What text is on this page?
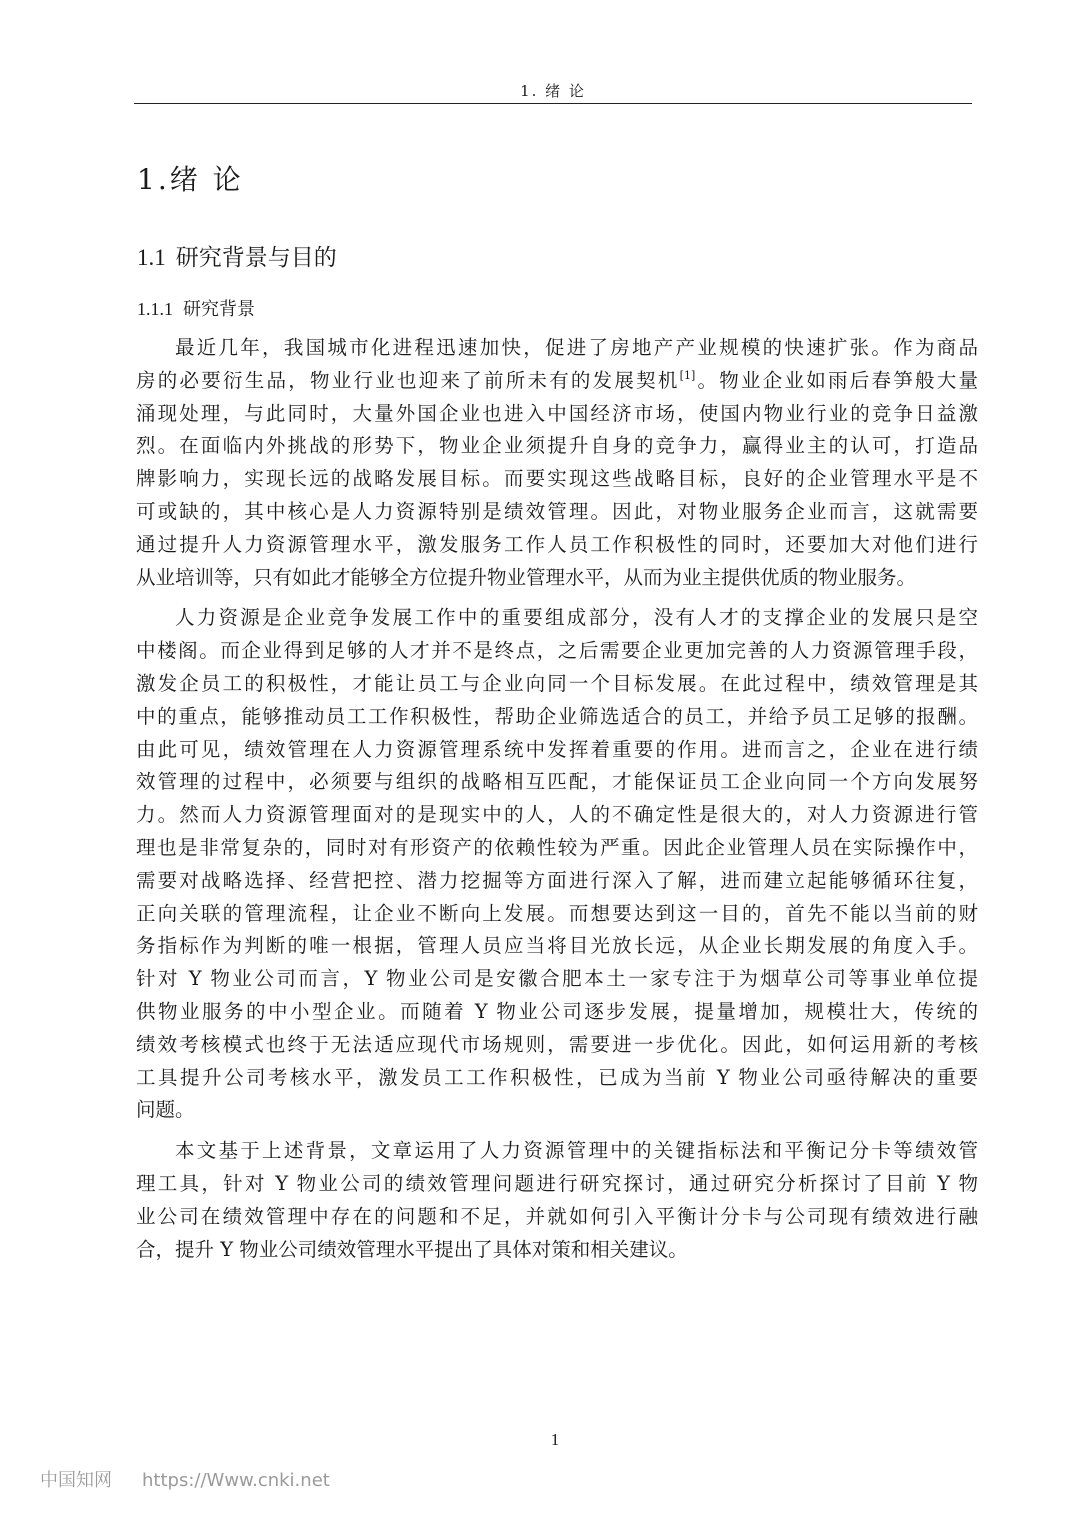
1. 绪 论
1.绪 论
1.1 研究背景与目的
1.1.1 研究背景

最近几年，我国城市化进程迅速加快，促进了房地产产业规模的快速扩张。作为商品
房的必要衍生品，物业行业也迎来了前所未有的发展契机[1]。物业企业如雨后春笋般大量
涌现处理，与此同时，大量外国企业也进入中国经济市场，使国内物业行业的竞争日益激
烈。在面临内外挑战的形势下，物业企业须提升自身的竞争力，赢得业主的认可，打造品
牌影响力，实现长远的战略发展目标。而要实现这些战略目标，良好的企业管理水平是不
可或缺的，其中核心是人力资源特别是绩效管理。因此，对物业服务企业而言，这就需要
通过提升人力资源管理水平，激发服务工作人员工作积极性的同时，还要加大对他们进行
从业培训等，只有如此才能够全方位提升物业管理水平，从而为业主提供优质的物业服务。

人力资源是企业竞争发展工作中的重要组成部分，没有人才的支撑企业的发展只是空
中楼阁。而企业得到足够的人才并不是终点，之后需要企业更加完善的人力资源管理手段，
激发企员工的积极性，才能让员工与企业向同一个目标发展。在此过程中，绩效管理是其
中的重点，能够推动员工工作积极性，帮助企业筛选适合的员工，并给予员工足够的报酬。
由此可见，绩效管理在人力资源管理系统中发挥着重要的作用。进而言之，企业在进行绩
效管理的过程中，必须要与组织的战略相互匹配，才能保证员工企业向同一个方向发展努
力。然而人力资源管理面对的是现实中的人，人的不确定性是很大的，对人力资源进行管
理也是非常复杂的，同时对有形资产的依赖性较为严重。因此企业管理人员在实际操作中，
需要对战略选择、经营把控、潜力挖掘等方面进行深入了解，进而建立起能够循环往复，
正向关联的管理流程，让企业不断向上发展。而想要达到这一目的，首先不能以当前的财
务指标作为判断的唯一根据，管理人员应当将目光放长远，从企业长期发展的角度入手。
针对 Y 物业公司而言，Y 物业公司是安徽合肥本土一家专注于为烟草公司等事业单位提
供物业服务的中小型企业。而随着 Y 物业公司逐步发展，提量增加，规模壮大，传统的
绩效考核模式也终于无法适应现代市场规则，需要进一步优化。因此，如何运用新的考核
工具提升公司考核水平，激发员工工作积极性，已成为当前 Y 物业公司亟待解决的重要
问题。

本文基于上述背景，文章运用了人力资源管理中的关键指标法和平衡记分卡等绩效管
理工具，针对 Y 物业公司的绩效管理问题进行研究探讨，通过研究分析探讨了目前 Y 物
业公司在绩效管理中存在的问题和不足，并就如何引入平衡计分卡与公司现有绩效进行融
合，提升 Y 物业公司绩效管理水平提出了具体对策和相关建议。

1
中国知网 https://Www.cnki.net
